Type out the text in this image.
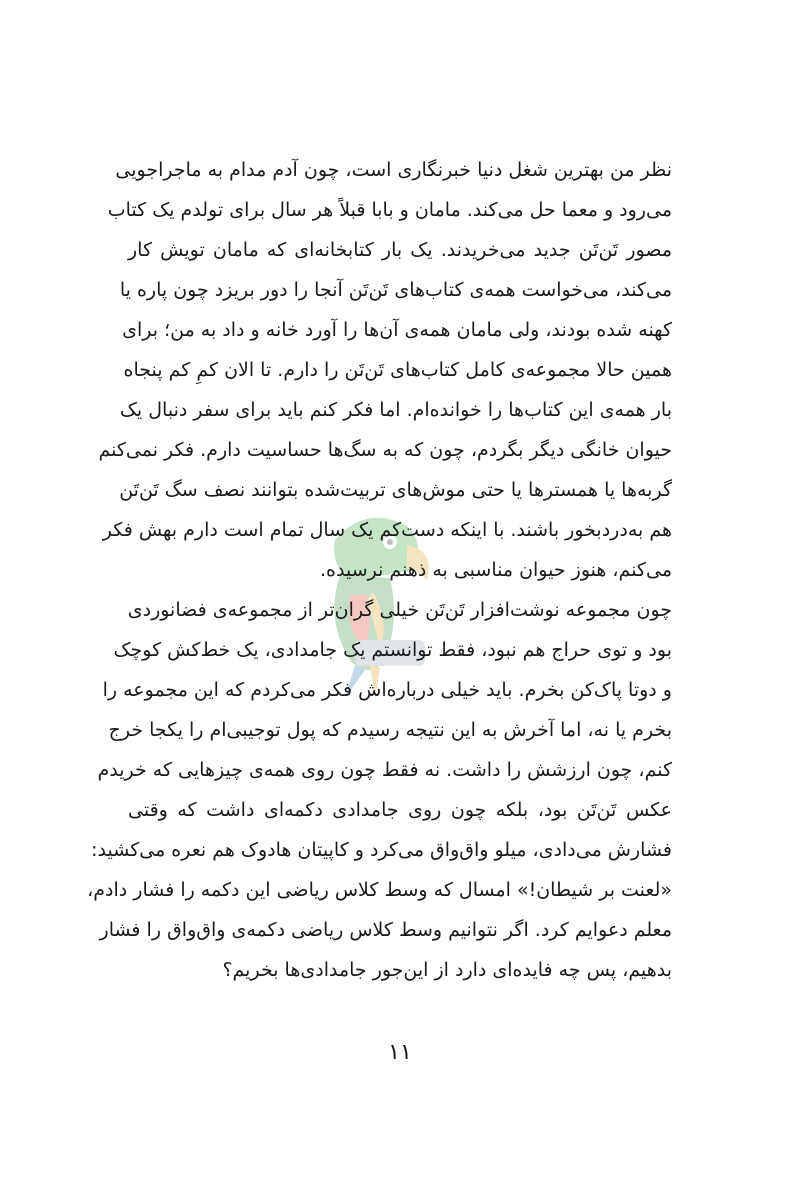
نظر من بهترین شغل دنیا خبرنگاری است، چون آدم مدام به ماجراجویی
می‌رود و معما حل می‌کند. مامان و بابا قبلاً هر سال برای تولدم یک کتاب
مصور تَن‌تَن جدید می‌خریدند. یک بار کتابخانه‌ای که مامان تویش کار
می‌کند، می‌خواست همه‌ی کتاب‌های تَن‌تَن آنجا را دور بریزد چون پاره یا
کهنه شده بودند، ولی مامان همه‌ی آن‌ها را آورد خانه و داد به من؛ برای
همین حالا مجموعه‌ی کامل کتاب‌های تَن‌تَن را دارم. تا الان کمِ کم پنجاه
بار همه‌ی این کتاب‌ها را خوانده‌ام. اما فکر کنم باید برای سفر دنبال یک
حیوان خانگی دیگر بگردم، چون که به سگ‌ها حساسیت دارم. فکر نمی‌کنم
گربه‌ها یا همسترها یا حتی موش‌های تربیت‌شده بتوانند نصف سگ تَن‌تَن
هم به‌دردبخور باشند. با اینکه دست‌کم یک سال تمام است دارم بهش فکر
می‌کنم، هنوز حیوان مناسبی به ذهنم نرسیده.
چون مجموعه نوشت‌افزار تَن‌تَن خیلی گران‌تر از مجموعه‌ی فضانوردی
بود و توی حراج هم نبود، فقط توانستم یک جامدادی، یک خط‌کش کوچک
و دوتا پاک‌کن بخرم. باید خیلی درباره‌اش فکر می‌کردم که این مجموعه را
بخرم یا نه، اما آخرش به این نتیجه رسیدم که پول توجیبی‌ام را یکجا خرج
کنم، چون ارزشش را داشت. نه فقط چون روی همه‌ی چیزهایی که خریدم
عکس تَن‌تَن بود، بلکه چون روی جامدادی دکمه‌ای داشت که وقتی
فشارش می‌دادی، میلو واق‌واق می‌کرد و کاپیتان هادوک هم نعره می‌کشید:
«لعنت بر شیطان!» امسال که وسط کلاس ریاضی این دکمه را فشار دادم،
معلم دعوایم کرد. اگر نتوانیم وسط کلاس ریاضی دکمه‌ی واق‌واق را فشار
بدهیم، پس چه فایده‌ای دارد از این‌جور جامدادی‌ها بخریم؟
۱۱
